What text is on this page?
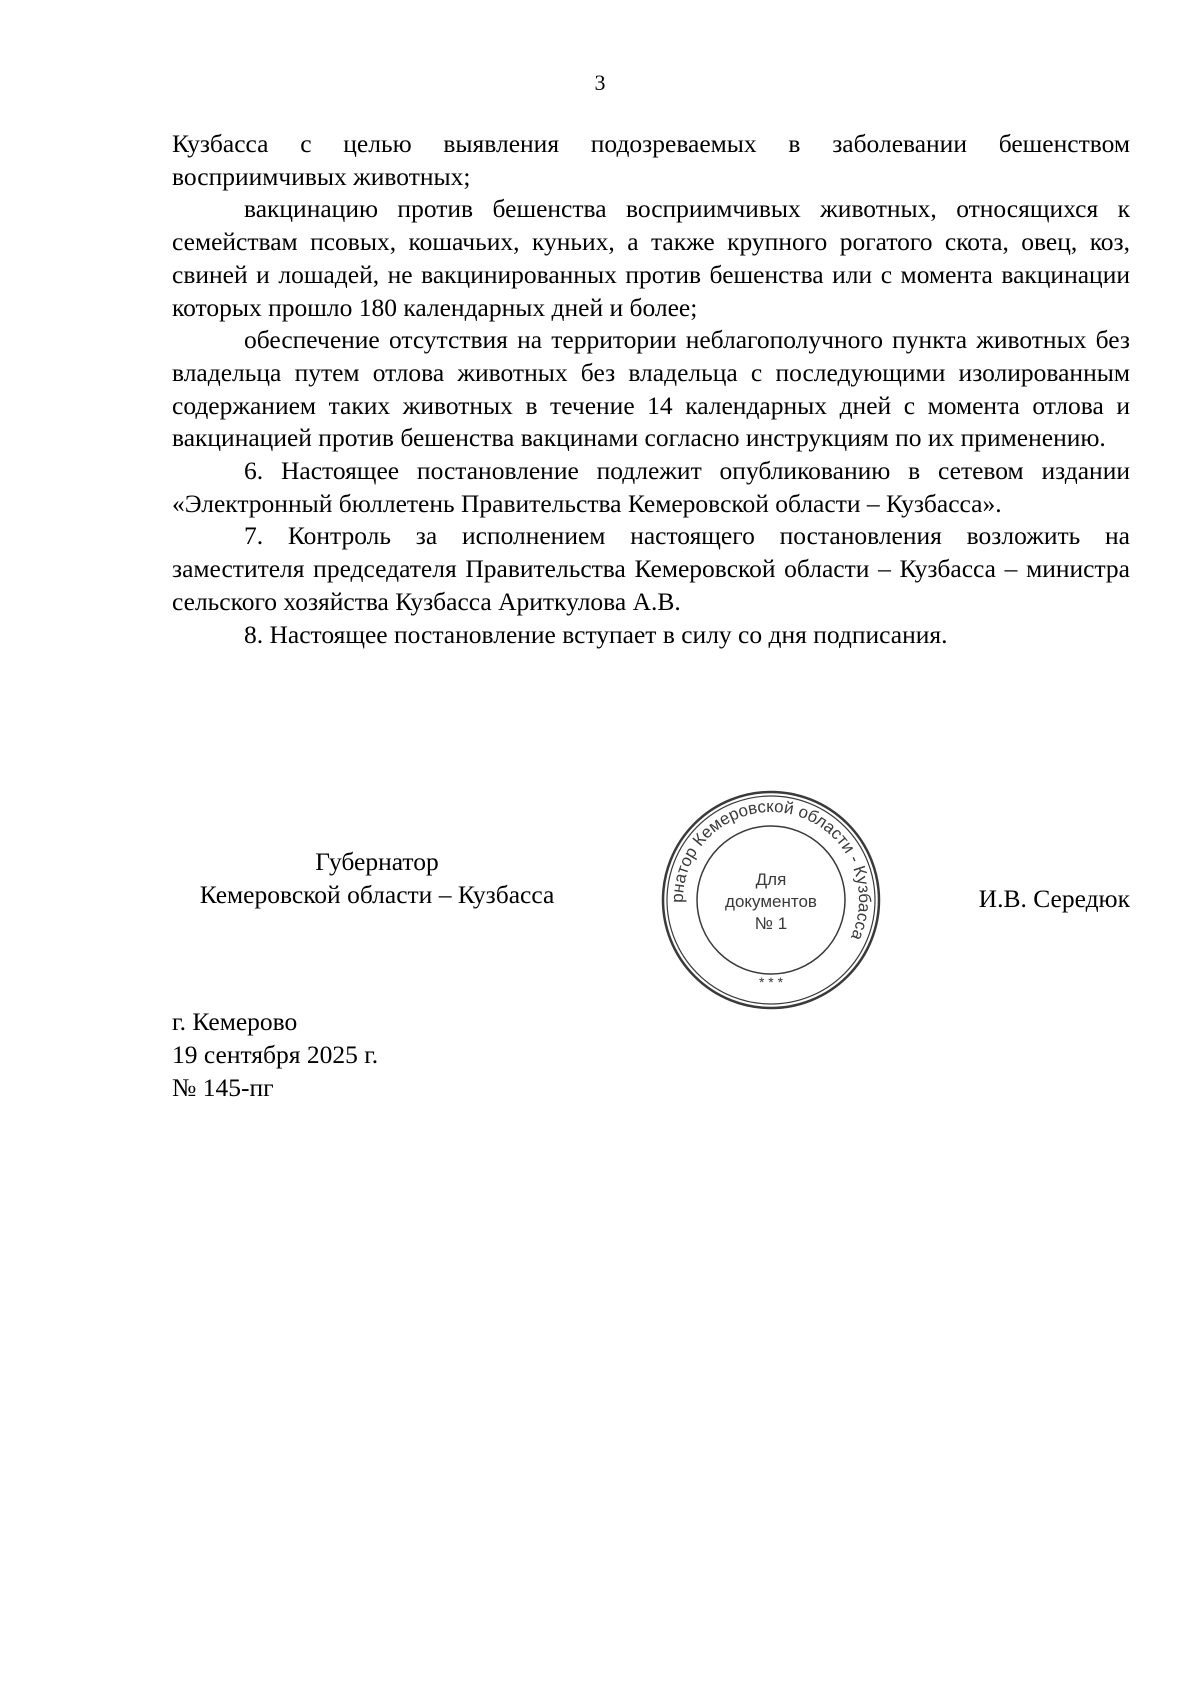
3

Кузбасса с целью выявления подозреваемых в заболевании бешенством восприимчивых животных;

вакцинацию против бешенства восприимчивых животных, относящихся к семействам псовых, кошачьих, куньих, а также крупного рогатого скота, овец, коз, свиней и лошадей, не вакцинированных против бешенства или с момента вакцинации которых прошло 180 календарных дней и более;

обеспечение отсутствия на территории неблагополучного пункта животных без владельца путем отлова животных без владельца с последующими изолированным содержанием таких животных в течение 14 календарных дней с момента отлова и вакцинацией против бешенства вакцинами согласно инструкциям по их применению.

6. Настоящее постановление подлежит опубликованию в сетевом издании «Электронный бюллетень Правительства Кемеровской области – Кузбасса».

7. Контроль за исполнением настоящего постановления возложить на заместителя председателя Правительства Кемеровской области – Кузбасса – министра сельского хозяйства Кузбасса Ариткулова А.В.

8. Настоящее постановление вступает в силу со дня подписания.

Губернатор
Кемеровской области – Кузбасса	рнатор Кемеровской области - Кузбасса
Для
документов
№ 1
* * *
И.В. Середюк
г. Кемерово
19 сентября 2025 г.
№ 145-пг
